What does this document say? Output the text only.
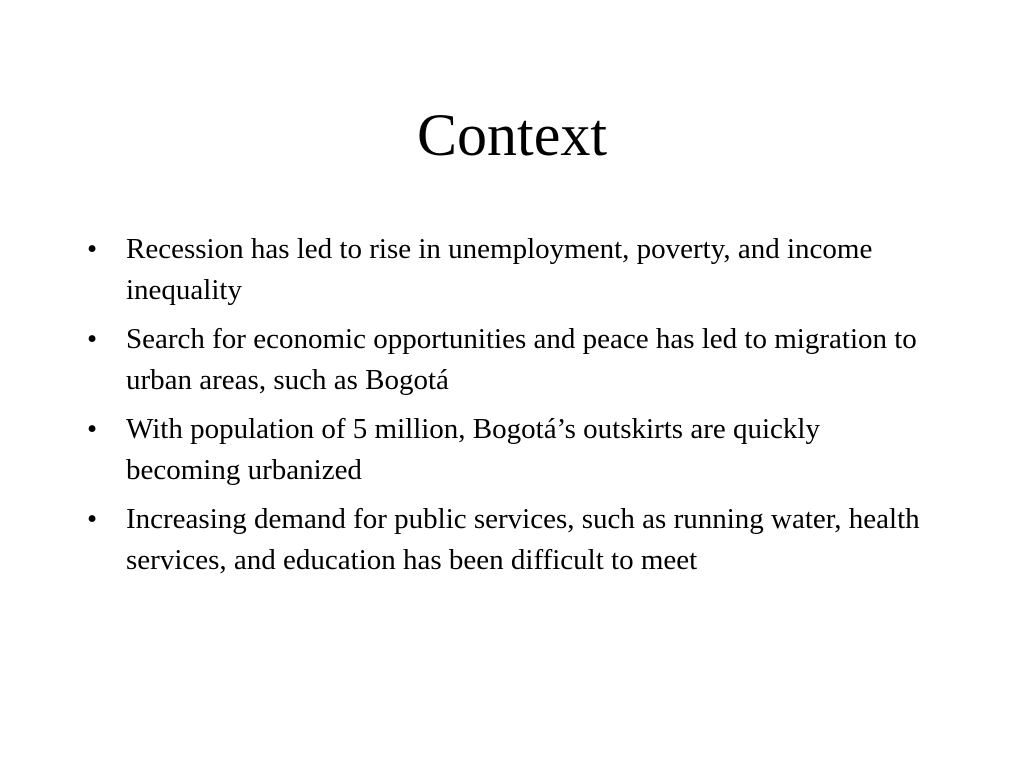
Context
• Recession has led to rise in unemployment, poverty, and income inequality
• Search for economic opportunities and peace has led to migration to urban areas, such as Bogotá
• With population of 5 million, Bogotá’s outskirts are quickly becoming urbanized
• Increasing demand for public services, such as running water, health services, and education has been difficult to meet
